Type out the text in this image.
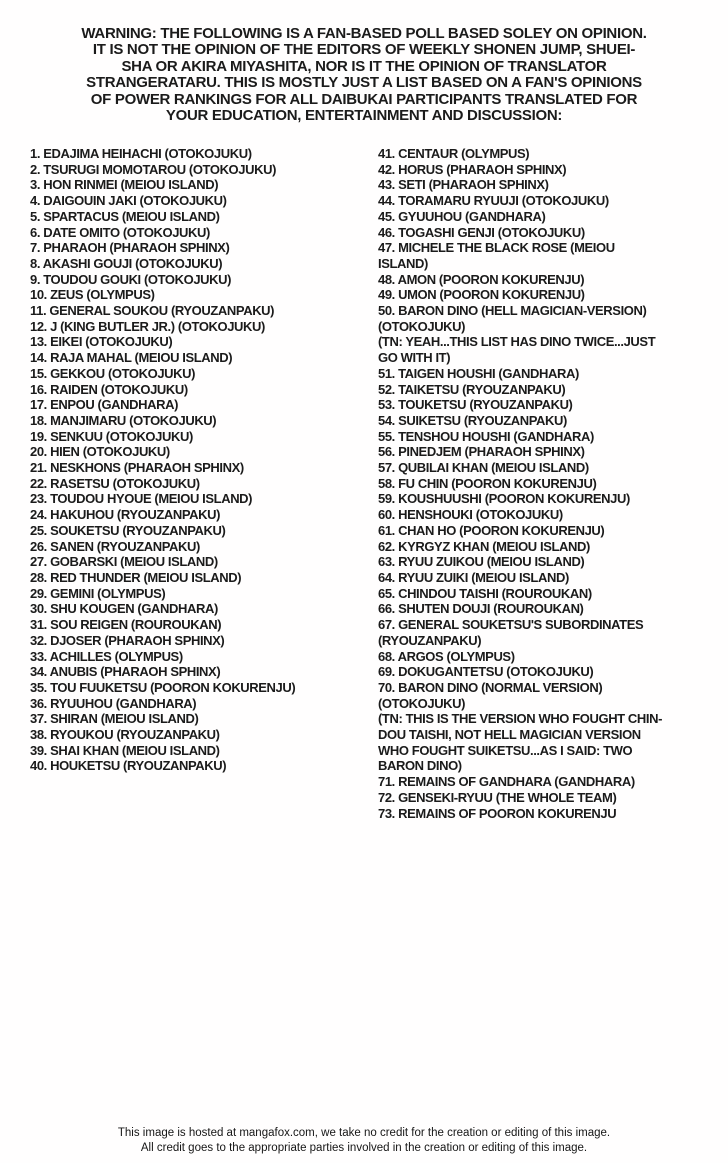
WARNING: THE FOLLOWING IS A FAN-BASED POLL BASED SOLEY ON OPINION.
IT IS NOT THE OPINION OF THE EDITORS OF WEEKLY SHONEN JUMP, SHUEI-
SHA OR AKIRA MIYASHITA, NOR IS IT THE OPINION OF TRANSLATOR
STRANGERATARU. THIS IS MOSTLY JUST A LIST BASED ON A FAN'S OPINIONS
OF POWER RANKINGS FOR ALL DAIBUKAI PARTICIPANTS TRANSLATED FOR
YOUR EDUCATION, ENTERTAINMENT AND DISCUSSION:
1. EDAJIMA HEIHACHI (OTOKOJUKU)
2. TSURUGI MOMOTAROU (OTOKOJUKU)
3. HON RINMEI (MEIOU ISLAND)
4. DAIGOUIN JAKI (OTOKOJUKU)
5. SPARTACUS (MEIOU ISLAND)
6. DATE OMITO (OTOKOJUKU)
7. PHARAOH (PHARAOH SPHINX)
8. AKASHI GOUJI (OTOKOJUKU)
9. TOUDOU GOUKI (OTOKOJUKU)
10. ZEUS (OLYMPUS)
11. GENERAL SOUKOU (RYOUZANPAKU)
12. J (KING BUTLER JR.) (OTOKOJUKU)
13. EIKEI (OTOKOJUKU)
14. RAJA MAHAL (MEIOU ISLAND)
15. GEKKOU (OTOKOJUKU)
16. RAIDEN (OTOKOJUKU)
17. ENPOU (GANDHARA)
18. MANJIMARU (OTOKOJUKU)
19. SENKUU (OTOKOJUKU)
20. HIEN (OTOKOJUKU)
21. NESKHONS (PHARAOH SPHINX)
22. RASETSU (OTOKOJUKU)
23. TOUDOU HYOUE (MEIOU ISLAND)
24. HAKUHOU (RYOUZANPAKU)
25. SOUKETSU (RYOUZANPAKU)
26. SANEN (RYOUZANPAKU)
27. GOBARSKI (MEIOU ISLAND)
28. RED THUNDER (MEIOU ISLAND)
29. GEMINI (OLYMPUS)
30. SHU KOUGEN (GANDHARA)
31. SOU REIGEN (ROUROUKAN)
32. DJOSER (PHARAOH SPHINX)
33. ACHILLES (OLYMPUS)
34. ANUBIS (PHARAOH SPHINX)
35. TOU FUUKETSU (POORON KOKURENJU)
36. RYUUHOU (GANDHARA)
37. SHIRAN (MEIOU ISLAND)
38. RYOUKOU (RYOUZANPAKU)
39. SHAI KHAN (MEIOU ISLAND)
40. HOUKETSU (RYOUZANPAKU)
41. CENTAUR (OLYMPUS)
42. HORUS (PHARAOH SPHINX)
43. SETI (PHARAOH SPHINX)
44. TORAMARU RYUUJI (OTOKOJUKU)
45. GYUUHOU (GANDHARA)
46. TOGASHI GENJI (OTOKOJUKU)
47. MICHELE THE BLACK ROSE (MEIOU
ISLAND)
48. AMON (POORON KOKURENJU)
49. UMON (POORON KOKURENJU)
50. BARON DINO (HELL MAGICIAN-VERSION)
(OTOKOJUKU)
(TN: YEAH...THIS LIST HAS DINO TWICE...JUST
GO WITH IT)
51. TAIGEN HOUSHI (GANDHARA)
52. TAIKETSU (RYOUZANPAKU)
53. TOUKETSU (RYOUZANPAKU)
54. SUIKETSU (RYOUZANPAKU)
55. TENSHOU HOUSHI (GANDHARA)
56. PINEDJEM (PHARAOH SPHINX)
57. QUBILAI KHAN (MEIOU ISLAND)
58. FU CHIN (POORON KOKURENJU)
59. KOUSHUUSHI (POORON KOKURENJU)
60. HENSHOUKI (OTOKOJUKU)
61. CHAN HO (POORON KOKURENJU)
62. KYRGYZ KHAN (MEIOU ISLAND)
63. RYUU ZUIKOU (MEIOU ISLAND)
64. RYUU ZUIKI (MEIOU ISLAND)
65. CHINDOU TAISHI (ROUROUKAN)
66. SHUTEN DOUJI (ROUROUKAN)
67. GENERAL SOUKETSU'S SUBORDINATES
(RYOUZANPAKU)
68. ARGOS (OLYMPUS)
69. DOKUGANTETSU (OTOKOJUKU)
70. BARON DINO (NORMAL VERSION)
(OTOKOJUKU)
(TN: THIS IS THE VERSION WHO FOUGHT CHIN-
DOU TAISHI, NOT HELL MAGICIAN VERSION
WHO FOUGHT SUIKETSU...AS I SAID: TWO
BARON DINO)
71. REMAINS OF GANDHARA (GANDHARA)
72. GENSEKI-RYUU (THE WHOLE TEAM)
73. REMAINS OF POORON KOKURENJU
This image is hosted at mangafox.com, we take no credit for the creation or editing of this image.
All credit goes to the appropriate parties involved in the creation or editing of this image.
